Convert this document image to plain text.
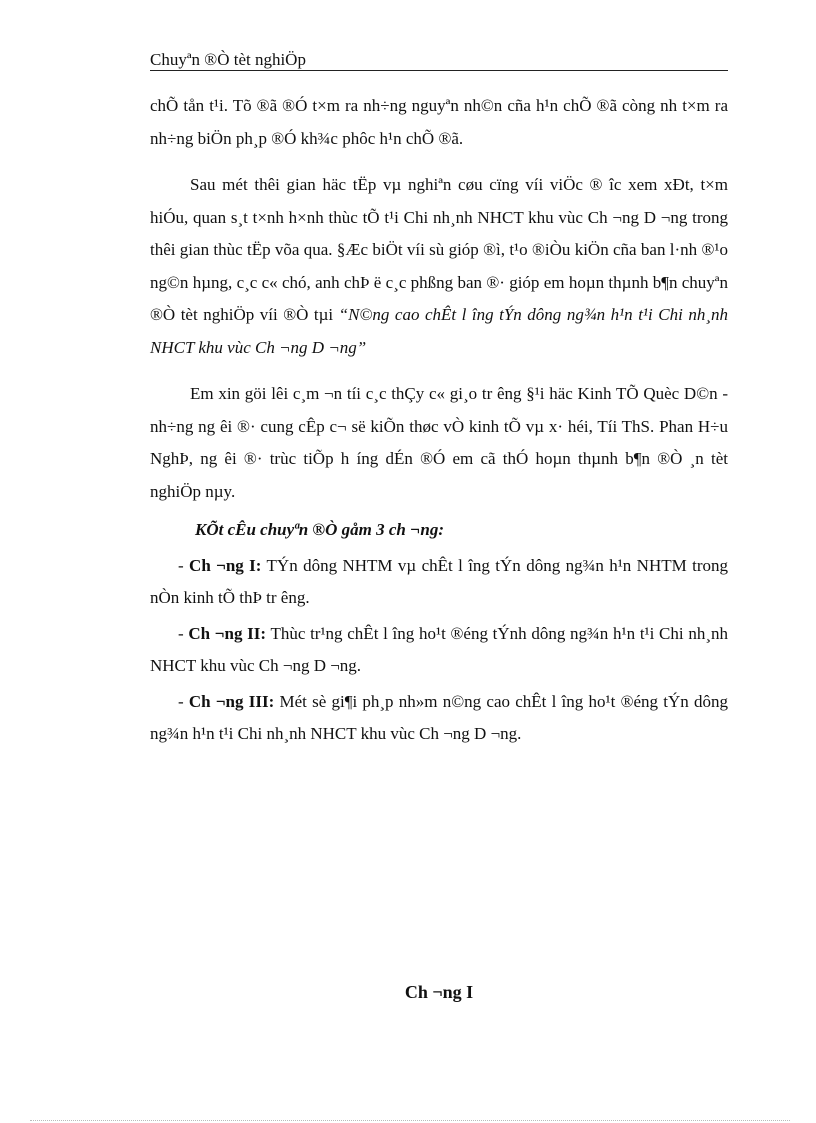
Chuyªn ®Ò tèt nghiÖp

chÕ tån t¹i. Tõ ®ã ®Ó t×m ra nh÷ng nguyªn nh©n cña h¹n chÕ ®ã còng nh t×m ra nh÷ng biÖn ph¸p ®Ó kh¾c phôc h¹n chÕ ®ã.

Sau mét thêi gian häc tËp vµ nghiªn cøu cïng víi viÖc ® îc xem xÐt, t×m hiÓu, quan s¸t t×nh h×nh thùc tÕ t¹i Chi nh¸nh NHCT khu vùc Ch ¬ng D ¬ng trong thêi gian thùc tËp võa qua. §Æc biÖt víi sù gióp ®ì, t¹o ®iÒu kiÖn cña ban l·nh ®¹o ng©n hµng, c¸c c« chó, anh chÞ ë c¸c phßng ban ®· gióp em hoµn thµnh b¶n chuyªn ®Ò tèt nghiÖp víi ®Ò tµi “N©ng cao chÊt l îng tÝn dông ng¾n h¹n t¹i Chi nh¸nh NHCT khu vùc Ch ¬ng D ¬ng”

Em xin göi lêi c¸m ¬n tíi c¸c thÇy c« gi¸o tr êng §¹i häc Kinh TÕ Quèc D©n - nh÷ng ng êi ®· cung cÊp c¬ së kiÕn thøc vÒ kinh tÕ vµ x· héi, Tíi ThS. Phan H÷u NghÞ, ng êi ®· trùc tiÕp h íng dÉn ®Ó em cã thÓ hoµn thµnh b¶n ®Ò ¸n tèt nghiÖp nµy.

KÕt cÊu chuyªn ®Ò gåm 3 ch ¬ng:

- Ch ¬ng I: TÝn dông NHTM vµ chÊt l îng tÝn dông ng¾n h¹n NHTM trong nÒn kinh tÕ thÞ tr êng.

- Ch ¬ng II: Thùc tr¹ng chÊt l îng ho¹t ®éng tÝnh dông ng¾n h¹n t¹i Chi nh¸nh NHCT khu vùc Ch ¬ng D ¬ng.

- Ch ¬ng III: Mét sè gi¶i ph¸p nh»m n©ng cao chÊt l îng ho¹t ®éng tÝn dông ng¾n h¹n t¹i Chi nh¸nh NHCT khu vùc Ch ¬ng D ¬ng.

Ch ¬ng I
